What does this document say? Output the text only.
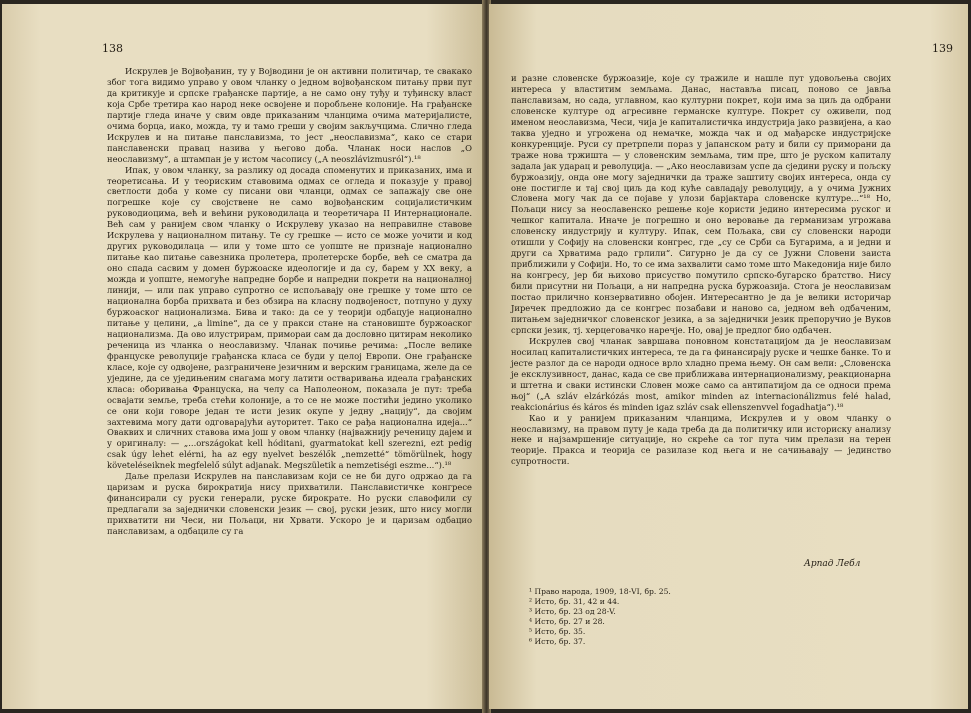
138

Искрулев је Војвођанин, ту у Војводини је он активни политичар, те свакако због тога видимо управо у овом чланку о једном војвођанском питању први пут да критикује и српске грађанске партије, а не само ону туђу и туђинску власт која Србе третира као народ неке освојене и поробљене колоније. На грађанске партије гледа иначе у свим овде приказаним чланцима очима материјалисте, очима борца, иако, можда, ту и тамо греши у својим закључцима. Слично гледа Искрулев и на питање панславизма, то јест „неославизма“, како се стари панславенски правац назива у његово доба. Чланак носи наслов „О неославизму“, а штампан је у истом часопису („A neoszlávizmusról“).¹⁸

Ипак, у овом чланку, за разлику од досада споменутих и приказаних, има и теоретисања. И у теориским ставовима одмах се огледа и показује у правој светлости доба у коме су писани ови чланци, одмах се запажају све оне погрешке које су својствене не само војвођанским социјалистичким руководиоцима, већ и већини руководилаца и теоретичара II Интернационале. Већ сам у ранијем свом чланку о Искрулеву указао на неправилне ставове Искрулева у националном питању. Те су грешке — исто се може уочити и код других руководилаца — или у томе што се уопште не признаје национално питање као питање савезника пролетера, пролетерске борбе, већ се сматра да оно спада сасвим у домен буржоаске идеологије и да су, барем у XX веку, а можда и уопште, немогуће напредне борбе и напредни покрети на националној линији, — или пак управо супротно се испољавају оне грешке у томе што се национална борба прихвата и без обзира на класну подвојеност, потпуно у духу буржоаског национализма. Бива и тако: да се у теорији одбацује национално питање у целини, „a limine“, да се у пракси стане на становиште буржоаског национализма. Да ово илустрирам, примораи сам да дословно цитирам неколико реченица из чланка о неославизму. Чланак почиње речима: „После велике француске револуције грађанска класа се буди у целој Европи. Оне грађанске класе, које су одвојене, разграничене језичним и верским границама, желе да се уједине, да се уједињеним снагама могу латити остваривања идеала грађанских класа: оборивања Француска, на челу са Наполеоном, показала је пут: треба освајати земље, треба стећи колоније, а то се не може постићи једино уколико се они који говоре један те исти језик окупе у једну „нацију“, да својим захтевима могу дати одговарајући ауторитет. Тако се рађа национална идеја...“ Оваквих и сличних ставова има још у овом чланку (најважнију реченицу дајем и у оригиналу: — „...országokat kell hóditani, gyarmatokat kell szerezni, ezt pedig csak úgy lehet elérni, ha az egy nyelvet beszélők „nemzetté“ tömörülnek, hogy követeléseiknek megfelelő súlyt adjanak. Megszületik a nemzetiségi eszme...“).¹⁸

Даље прелази Искрулев на панславизам који се не би дуго одржао да га царизам и руска бирократија нису прихватили. Панславистичке конгресе финансирали су руски генерали, руске бирократе. Но руски славофили су предлагали за заједнички словенски језик — свој, руски језик, што нису могли прихватити ни Чеси, ни Пољаци, ни Хрвати. Ускоро је и царизам одбацио панславизам, а одбациле су га

139

и разне словенске буржоазије, које су тражиле и нашле пут удовољења својих интереса у властитим земљама. Данас, наставља писац, поново се јавља панславизам, но сада, углавном, као културни покрет, који има за циљ да одбрани словенске културе од агресивне германске културе. Покрет су оживели, под именом неославизма, Чеси, чија је капиталистичка индустрија јако развијена, а као таква уједно и угрожена од немачке, можда чак и од мађарске индустријске конкуренције. Руси су претрпели пораз у јапанском рату и били су приморани да траже нова тржишта — у словенским земљама, тим пре, што је руском капиталу задала јак ударац и револуција. — „Ако неославизам успе да сједини руску и пољску буржоазију, онда оне могу заједнички да траже заштиту својих интереса, онда су оне постигле и тај свој циљ да код куће савладају револуцију, а у очима Јужних Словена могу чак да се појаве у улози барјактара словенске културе...“¹⁸ Но, Пољаци нису за неославенско решење које користи једино интересима руског и чешког капитала. Иначе је погрешно и оно веровање да германизам угрожава словенску индустрију и културу. Ипак, сем Пољака, сви су словенски народи отишли у Софију на словенски конгрес, где „су се Срби са Бугарима, а и једни и други са Хрватима радо грлили“. Сигурно је да су се Јужни Словени заиста приближили у Софији. Но, то се има захвалити само томе што Македонија није било на конгресу, јер би њихово присуство помутило српско-бугарско братство. Нису били присутни ни Пољаци, а ни напредна руска буржоазија. Стога је неославизам постао прилично конзервативно обојен. Интересантно је да је велики историчар Јиречек предложио да се конгрес позабави и наново са, једном већ одбаченим, питањем заједничког словенског језика, а за заједнички језик препоручио је Вуков српски језик, тј. херцеговачко наречје. Но, овај је предлог био одбачен.

Искрулев свој чланак завршава поновном констатацијом да је неославизам носилац капиталистичких интереса, те да га финансирају руске и чешке банке. То и јесте разлог да се народи односе врло хладно према њему. Он сам вели: „Словенска је ексклузивност, данас, када се све приближава интернационализму, реакционарна и штетна и сваки истински Словен може само са антипатијом да се односи према њој“ („A szláv elzárkózás most, amikor minden az internacionálizmus felé halad, reakcionárius és káros és minden igaz szláv csak ellenszenvvel fogadhatja“).¹⁸

Као и у ранијем приказаним чланцима, Искрулев и у овом чланку о неославизму, на правом путу је када треба да да политичку или историску анализу неке и најзамршеније ситуације, но скреће са тог пута чим прелази на терен теорије. Пракса и теорија се разилазе код њега и не сачињавају — јединство супротности.

Арпад Лебл
¹ Право народа, 1909, 18-VI, бр. 25.
² Исто, бр. 31, 42 и 44.
³ Исто, бр. 23 од 28-V.
⁴ Исто, бр. 27 и 28.
⁵ Исто, бр. 35.
⁶ Исто, бр. 37.
